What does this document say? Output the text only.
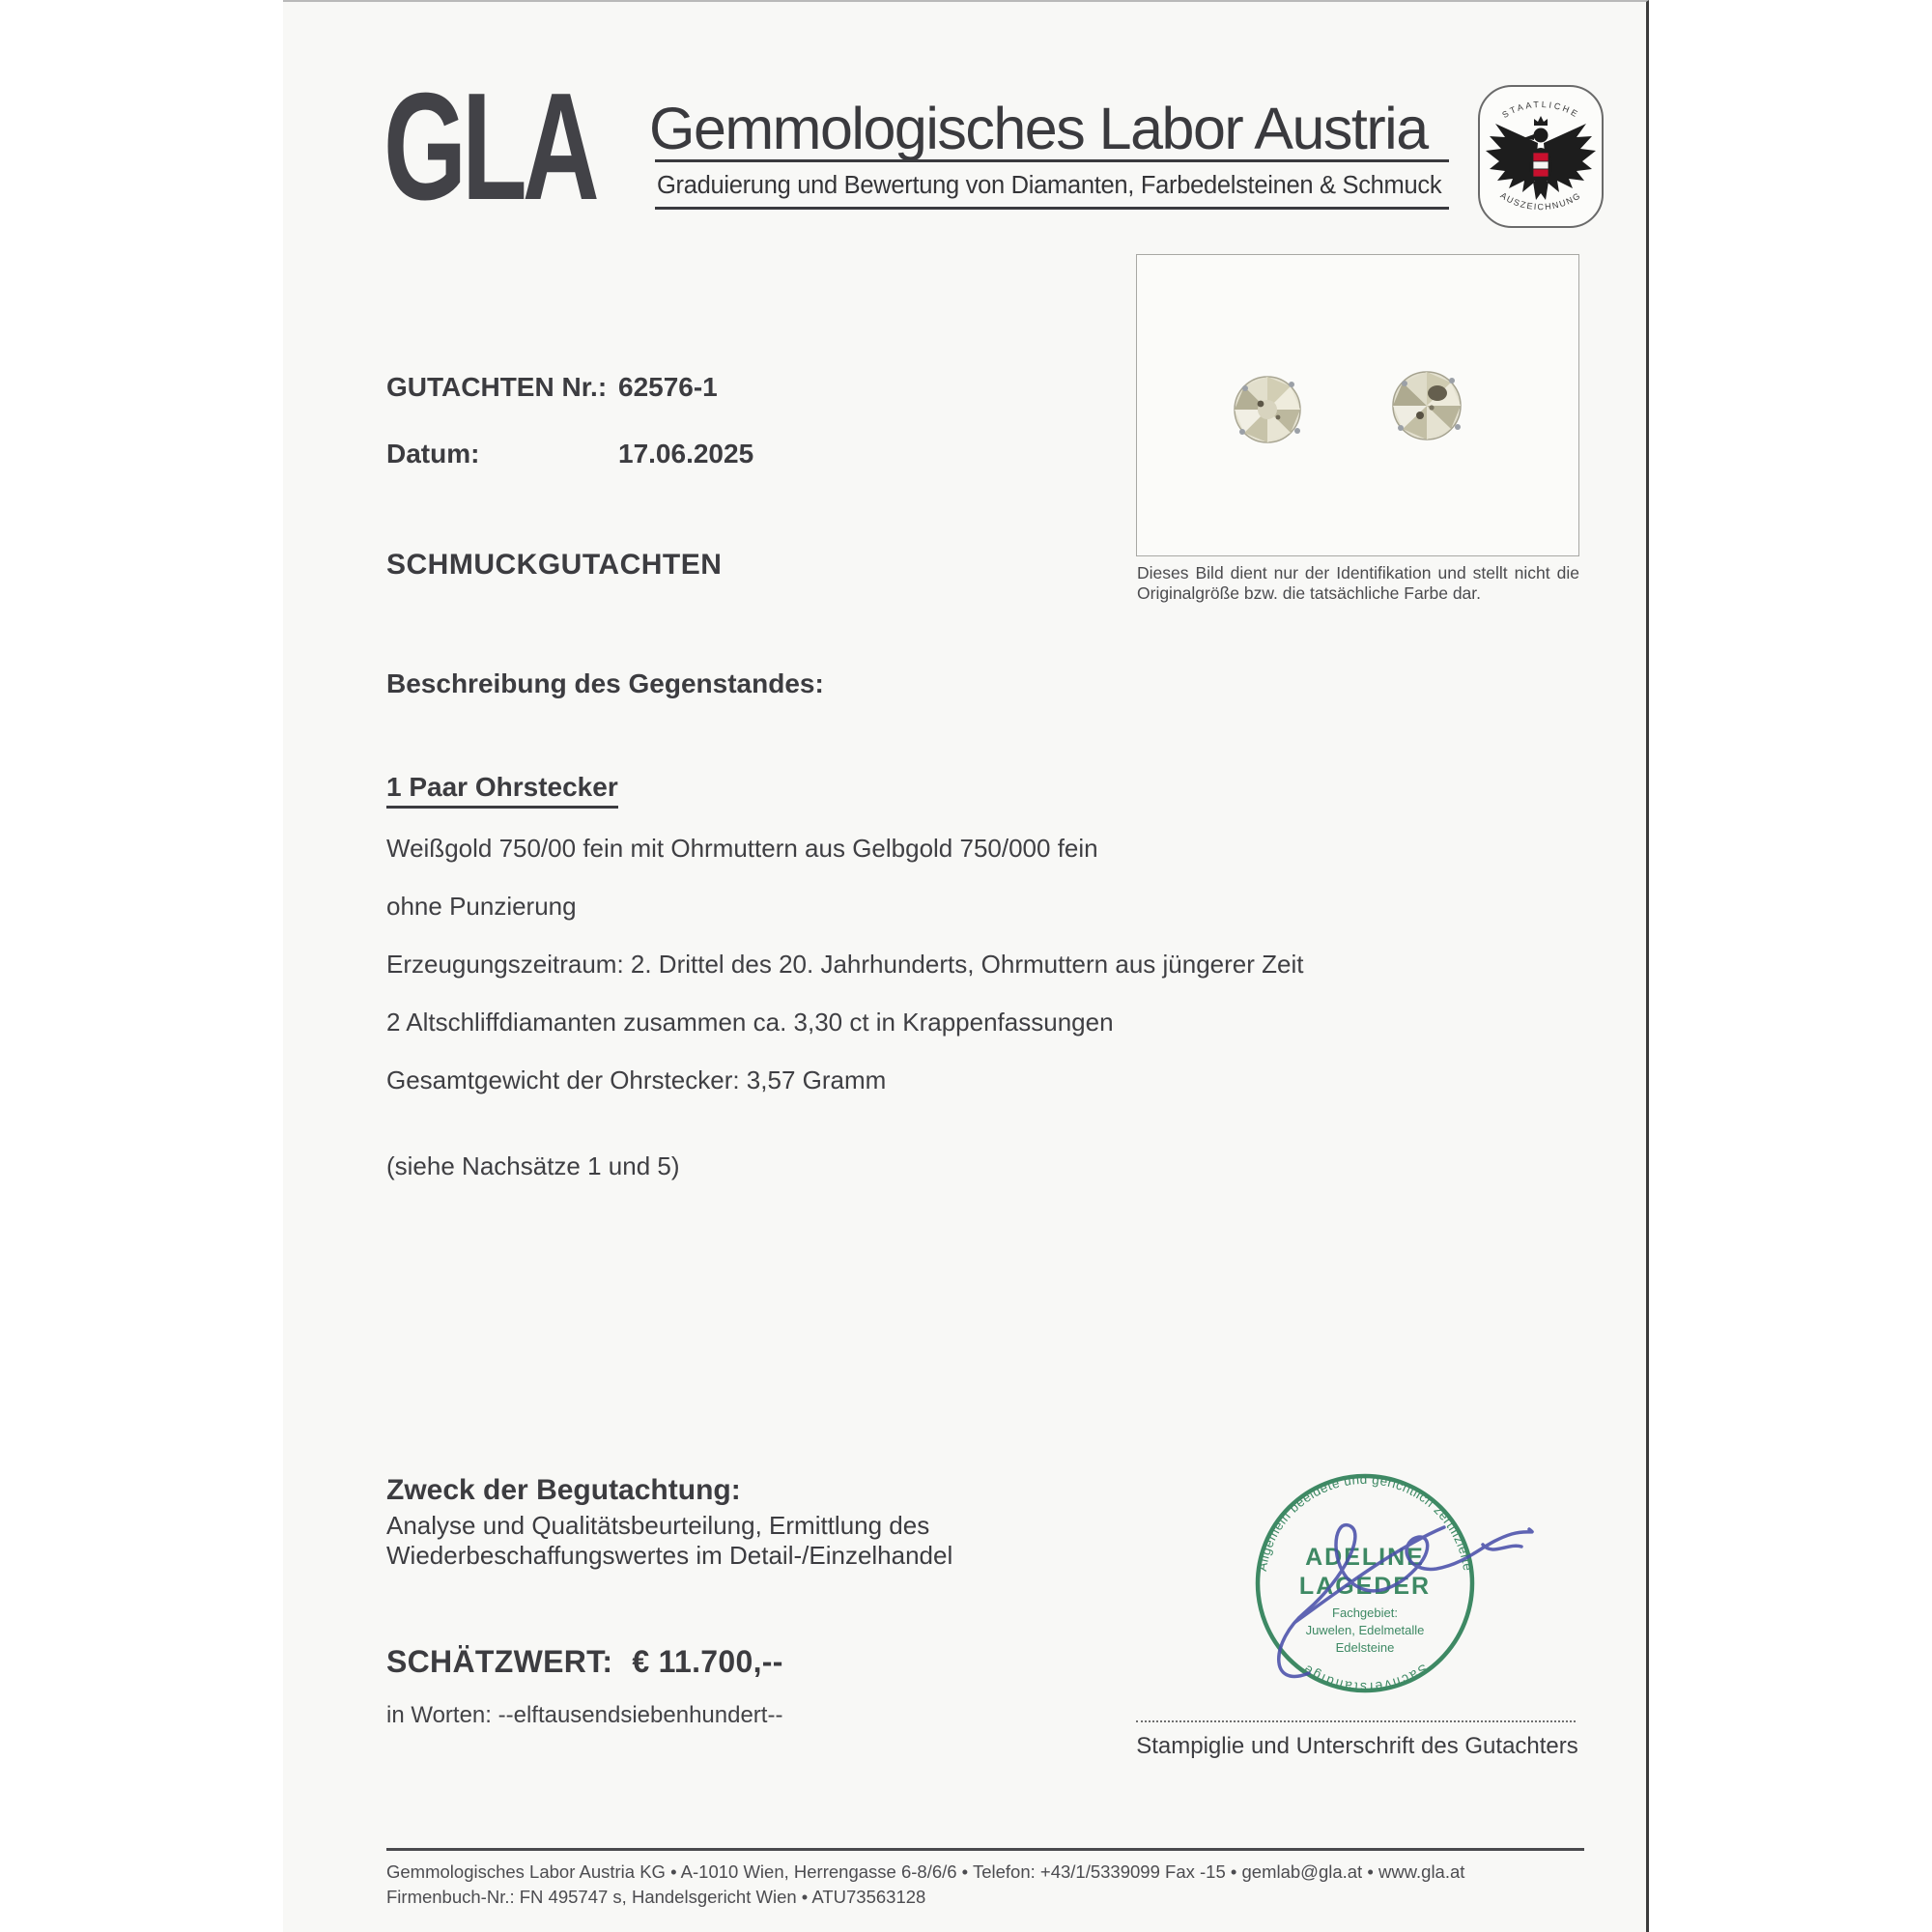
GLA Gemmologisches Labor Austria
Graduierung und Bewertung von Diamanten, Farbedelsteinen & Schmuck
STAATLICHE
AUSZEICHNUNG
GUTACHTEN Nr.: 62576-1
Datum:	17.06.2025
SCHMUCKGUTACHTEN	Dieses Bild dient nur der Identifikation und stellt nicht die Originalgröße bzw. die tatsächliche Farbe dar.
Beschreibung des Gegenstandes:
1 Paar Ohrstecker
Weißgold 750/00 fein mit Ohrmuttern aus Gelbgold 750/000 fein
ohne Punzierung
Erzeugungszeitraum: 2. Drittel des 20. Jahrhunderts, Ohrmuttern aus jüngerer Zeit
2 Altschliffdiamanten zusammen ca. 3,30 ct in Krappenfassungen
Gesamtgewicht der Ohrstecker: 3,57 Gramm
(siehe Nachsätze 1 und 5)
Zweck der Begutachtung:
Analyse und Qualitätsbeurteilung, Ermittlung des
Wiederbeschaffungswertes im Detail-/Einzelhandel
SCHÄTZWERT: € 11.700,--
in Worten: --elftausendsiebenhundert--
Allgemein beeidete und gerichtlich zertifizierte
Sachverständige
ADELINE
LAGEDER
Fachgebiet:
Juwelen, Edelmetalle
Edelsteine
Stampiglie und Unterschrift des Gutachters
Gemmologisches Labor Austria KG • A-1010 Wien, Herrengasse 6-8/6/6 • Telefon: +43/1/5339099 Fax -15 • gemlab@gla.at • www.gla.at
Firmenbuch-Nr.: FN 495747 s, Handelsgericht Wien • ATU73563128
